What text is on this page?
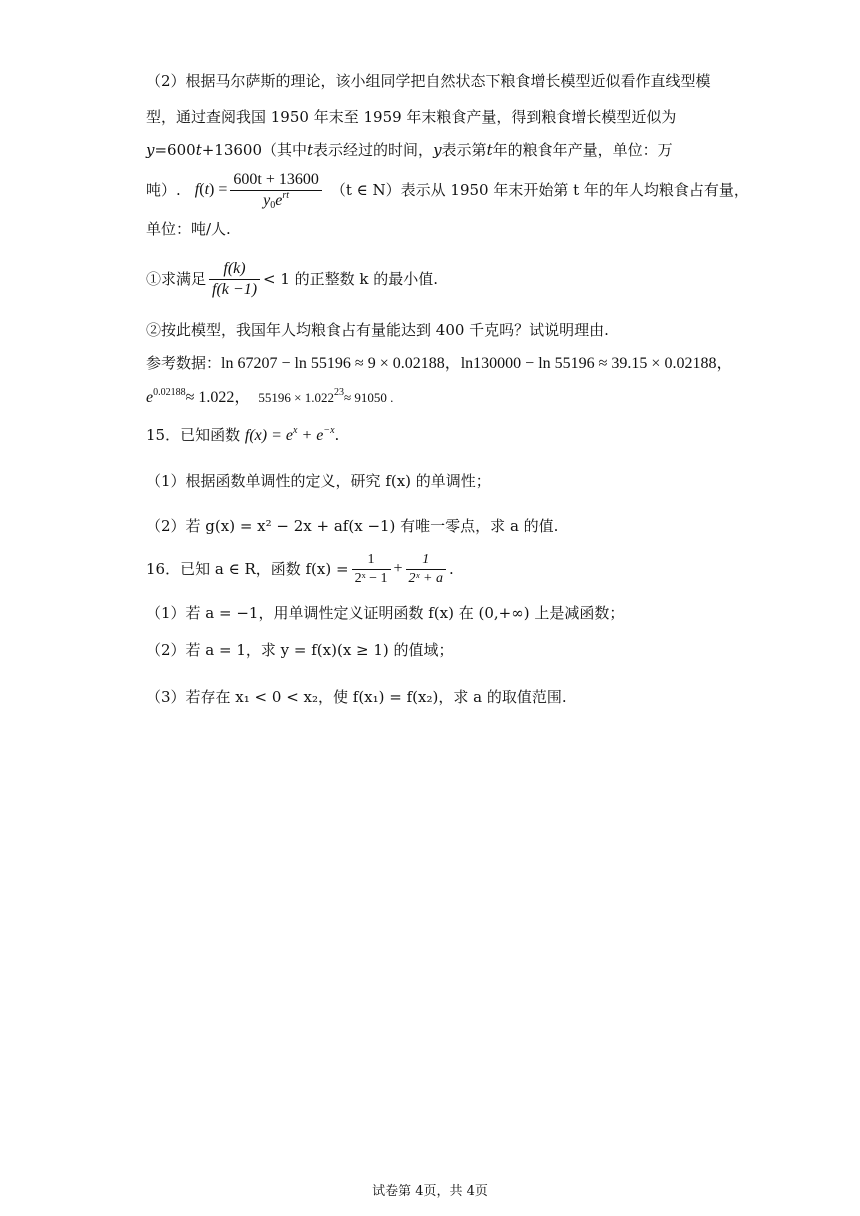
（2）根据马尔萨斯的理论，该小组同学把自然状态下粮食增长模型近似看作直线型模
型，通过查阅我国 1950 年末至 1959 年末粮食产量，得到粮食增长模型近似为
y=600t+13600（其中t表示经过的时间，y表示第t年的粮食年产量，单位：万
吨）. $f(t) = \frac{600t + 13600}{y_0e^{rt}} (t$ ∈ N）表示从 1950 年末开始第 t 年的年人均粮食占有量，
单位：吨/人.
①求满足 $\frac{f(k)}{f(k -1)} < 1$ 的正整数 k 的最小值.
②按此模型，我国年人均粮食占有量能达到 400 千克吗？试说明理由.
参考数据：ln 67207 − ln 55196 ≈ 9 × 0.02188，ln130000 − ln 55196 ≈ 39.15 × 0.02188，
$e^{0.02188}\approx 1.022$， $55196 \times 1.022^{23}\approx 91050$ .
15．已知函数 $f(x) = e^x + e^{-x}$.
（1）根据函数单调性的定义，研究 f(x) 的单调性；
（2）若 g(x) = x² − 2x + af(x −1) 有唯一零点，求 a 的值.
16．已知 a ∈ R，函数 $f(x) = \frac{1}{\text{2ˣ − 1}} + \frac{1}{\text{2ˣ + a}}$ .
（1）若 a = −1，用单调性定义证明函数 f(x) 在 (0,+∞) 上是减函数；
（2）若 a = 1，求 y = f(x)(x ≥ 1) 的值域；
（3）若存在 x₁ < 0 < x₂，使 f(x₁) = f(x₂)，求 a 的取值范围.
试卷第 4页，共 4页
